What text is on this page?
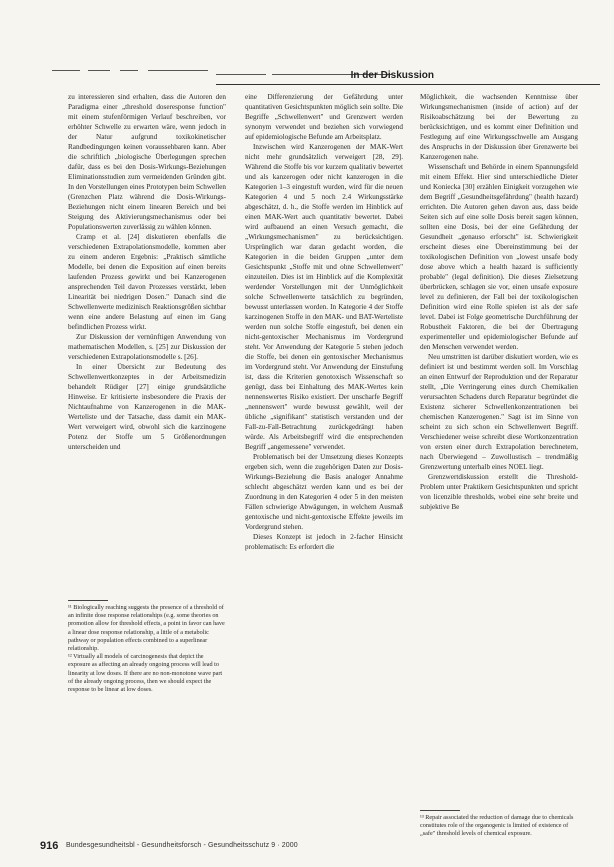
In der Diskussion

zu interessieren sind erhalten, dass die Autoren den Paradigma einer „threshold doseresponse function" mit einem stufenförmigen Verlauf beschreiben, vor erhöhter Schwelle zu erwarten wäre, wenn jedoch in der Natur aufgrund toxikokinetischer Randbedingungen keinen voraussehbaren kann. Aber die schriftlich „biologische Überlegungen sprechen dafür, dass es bei den Dosis-Wirkungs-Beziehungen Eliminationsstudien zum vermeidenden Gründen gibt. In den Vorstellungen eines Prototypen beim Schwellen (Grenzchen Platz während die Dosis-Wirkungs-Beziehungen nicht einem linearen Bereich und bei Steigung des Aktivierungsmechanismus oder bei Populationswerten zuverlässig zu wählen können.

Cramp et al. [24] diskutieren ebenfalls die verschiedenen Extrapolationsmodelle, kommen aber zu einem anderen Ergebnis: „Praktisch sämtliche Modelle, bei denen die Exposition auf einen bereits laufenden Prozess gewirkt und bei Kanzerogenen ansprechenden Teil davon Prozesses verstärkt, leben Linearität bei niedrigen Dosen." Danach sind die Schwellenwerte medizinisch Reaktionsgrößen sichtbar wenn eine andere Belastung auf einen im Gang befindlichen Prozess wirkt.

Zur Diskussion der vernünftigen Anwendung von mathematischen Modellen, s. [25] zur Diskussion der verschiedenen Extrapolationsmodelle s. [26].

In einer Übersicht zur Bedeutung des Schwellenwertkonzeptes in der Arbeitsmedizin behandelt Rüdiger [27] einige grundsätzliche Hinweise. Er kritisierte insbesondere die Praxis der Nichtaufnahme von Kanzerogenen in die MAK-Werteliste und der Tatsache, dass damit ein MAK-Wert verweigert wird, obwohl sich die karzinogene Potenz der Stoffe um 5 Größenordnungen unterscheiden und

¹¹ Biologically reaching suggests the presence of a threshold of an infinite dose response relationships (e.g. some theories on promotion allow for threshold effects, a point in favor can have a linear dose response relationship, a little of a metabolic pathway or population effects combined to a superlinear relationship.

¹² Virtually all models of carcinogenesis that depict the exposure as affecting an already ongoing process will lead to linearity at low doses. If there are no non-monotone wave part of the already ongoing process, then we should expect the response to be linear at low doses.

eine Differenzierung der Gefährdung unter quantitativen Gesichtspunkten möglich sein sollte. Die Begriffe „Schwellenwert" und Grenzwert werden synonym verwendet und beziehen sich vorwiegend auf epidemiologische Befunde am Arbeitsplatz.

Inzwischen wird Kanzerogenen der MAK-Wert nicht mehr grundsätzlich verweigert [28, 29]. Während die Stoffe bis vor kurzem qualitativ bewertet und als kanzerogen oder nicht kanzerogen in die Kategorien 1–3 eingestuft wurden, wird für die neuen Kategorien 4 und 5 noch 2.4 Wirkungsstärke abgeschätzt, d. h., die Stoffe werden im Hinblick auf einen MAK-Wert auch quantitativ bewertet. Dabei wird aufbauend an einen Versuch gemacht, die „Wirkungsmechanismen" zu berücksichtigen. Ursprünglich war daran gedacht worden, die Kategorien in die beiden Gruppen „unter dem Gesichtspunkt „Stoffe mit und ohne Schwellenwert" einzuteilen. Dies ist im Hinblick auf die Komplexität werdender Vorstellungen mit der Unmöglichkeit solche Schwellenwerte tatsächlich zu begründen, bewusst unterlassen worden. In Kategorie 4 der Stoffe karzinogenen Stoffe in den MAK- und BAT-Werteliste werden nun solche Stoffe eingestuft, bei denen ein nicht-gentoxischer Mechanismus im Vordergrund steht. Vor Anwendung der Kategorie 5 stehen jedoch die Stoffe, bei denen ein gentoxischer Mechanismus im Vordergrund steht. Vor Anwendung der Einstufung ist, dass die Kriterien genotoxisch Wissenschaft so genügt, dass bei Einhaltung des MAK-Wertes kein nennenswertes Risiko existiert. Der unscharfe Begriff „nennenswert" wurde bewusst gewählt, weil der übliche „signifikant" statistisch verstanden und der Fall-zu-Fall-Betrachtung zurückgedrängt haben würde. Als Arbeitsbegriff wird die entsprechenden Begriff „angemessene" verwendet.

Problematisch bei der Umsetzung dieses Konzepts ergeben sich, wenn die zugehörigen Daten zur Dosis-Wirkungs-Beziehung die Basis analoger Annahme schlecht abgeschätzt werden kann und es bei der Zuordnung in den Kategorien 4 oder 5 in den meisten Fällen schwierige Abwägungen, in welchem Ausmaß gentoxische und nicht-gentoxische Effekte jeweils im Vordergrund stehen.

Dieses Konzept ist jedoch in 2-facher Hinsicht problematisch: Es erfordert die

Möglichkeit, die wachsenden Kenntnisse über Wirkungsmechanismen (inside of action) auf der Risikoabschätzung bei der Bewertung zu berücksichtigen, und es kommt einer Definition und Festlegung auf eine Wirkungsschwelle am Ausgang des Anspruchs in der Diskussion über Grenzwerte bei Kanzerogenen nahe.

Wissenschaft und Behörde in einem Spannungsfeld mit einem Effekt. Hier sind unterschiedliche Dieter und Koniecka [30] erzählen Einigkeit vorzugehen wie dem Begriff „Gesundheitsgefährdung" (health hazard) errichten. Die Autoren gehen davon aus, dass beide Seiten sich auf eine solle Dosis bereit sagen können, sollten eine Dosis, bei der eine Gefährdung der Gesundheit „genauso erforscht" ist. Schwierigkeit erscheint dieses eine Übereinstimmung bei der toxikologischen Definition von „lowest unsafe body dose above which a health hazard is sufficiently probable" (legal definition). Die dieses Zielsetzung überbrücken, schlagen sie vor, einen unsafe exposure level zu definieren, der Fall bei der toxikologischen Definition wird eine Rolle spielen ist als der safe level. Dabei ist Folge geometrische Durchführung der Robustheit Faktoren, die bei der Übertragung experimenteller und epidemiologischer Befunde auf den Menschen verwendet werden.

Neu umstritten ist darüber diskutiert worden, wie es definiert ist und bestimmt werden soll. Im Vorschlag an einen Entwurf der Reproduktion und der Reparatur stellt, „Die Verringerung eines durch Chemikalien verursachten Schadens durch Reparatur begründet die Existenz sicherer Schwellenkonzentrationen bei chemischen Kanzerogenen." Sagt ist im Sinne von scheint zu sich schon ein Schwellenwert Begriff. Verschiedener weise schreibt diese Wortkonzentration von ersten einer durch Extrapolation berechnetem, nach Überwiegend – Zuwollustisch – trendmäßig Grenzwertung unterhalb eines NOEL liegt.

Grenzwertdiskussion erstellt die Threshold-Problem unter Praktikern Gesichtspunkten und spricht von licenzible thresholds, wobei eine sehr breite und subjektive Be

¹³ Repair associated the reduction of damage due to chemicals constitutes role of the organogenic is limited of existence of „safe" threshold levels of chemical exposure.

916 Bundesgesundheitsbl - Gesundheitsforsch - Gesundheitsschutz 9 · 2000
